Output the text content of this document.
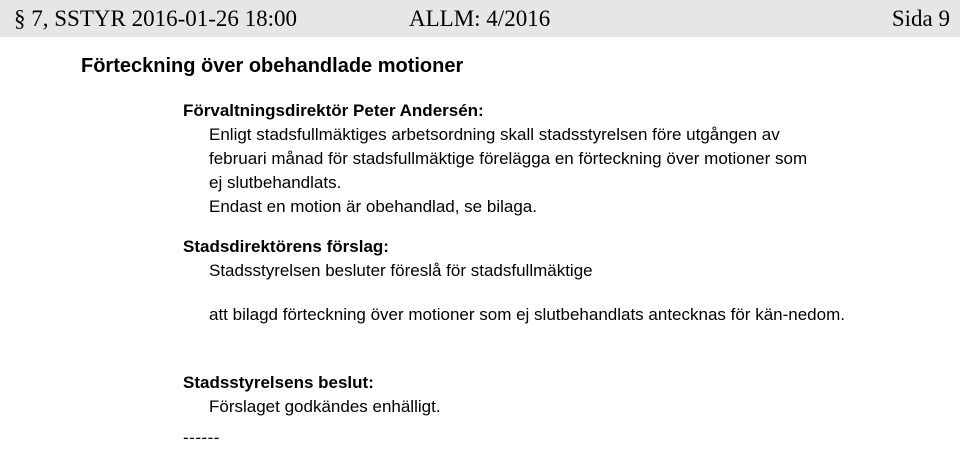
§ 7, SSTYR 2016-01-26 18:00	ALLM: 4/2016	Sida 9
Förteckning över obehandlade motioner
Förvaltningsdirektör Peter Andersén:
Enligt stadsfullmäktiges arbetsordning skall stadsstyrelsen före utgången av
februari månad för stadsfullmäktige förelägga en förteckning över motioner som
ej slutbehandlats.
Endast en motion är obehandlad, se bilaga.
Stadsdirektörens förslag:
Stadsstyrelsen besluter föreslå för stadsfullmäktige
att bilagd förteckning över motioner som ej slutbehandlats antecknas för kän-nedom.
Stadsstyrelsens beslut:
Förslaget godkändes enhälligt.
------
